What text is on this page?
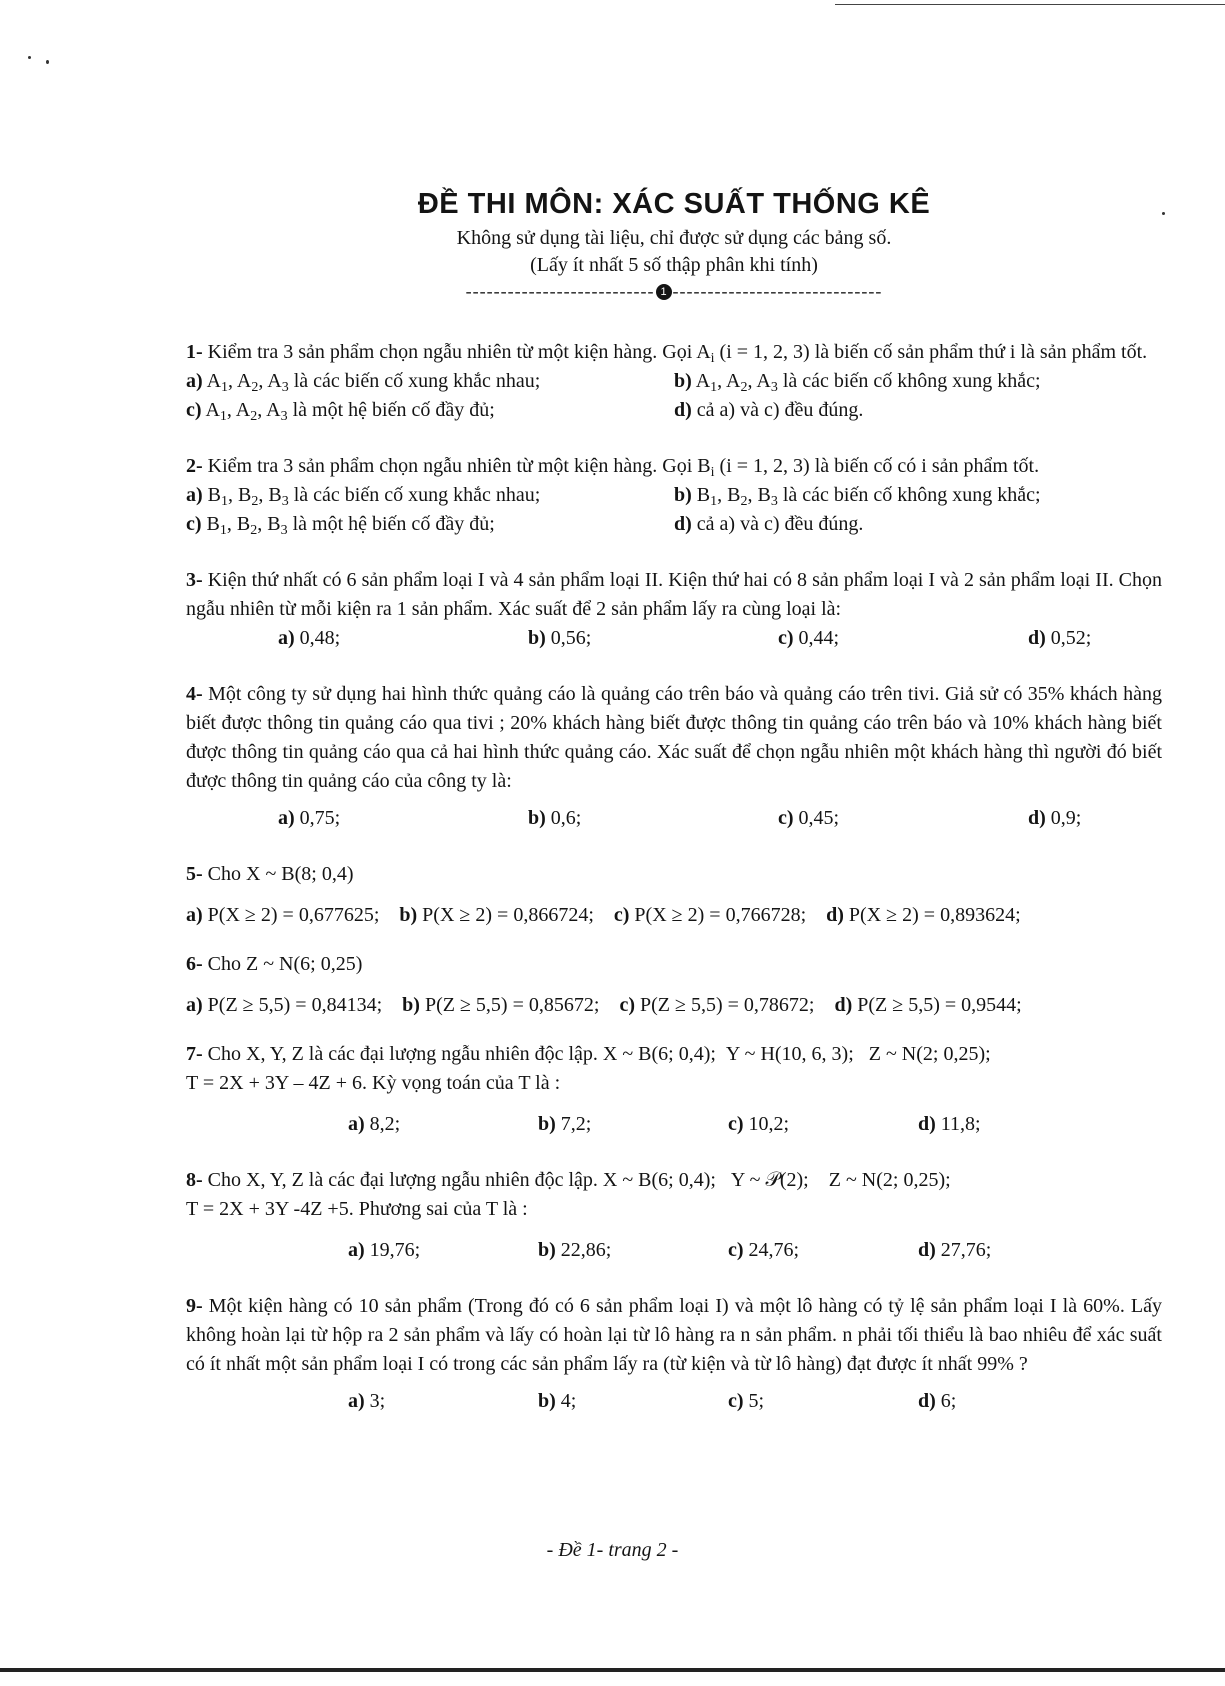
ĐỀ THI MÔN: XÁC SUẤT THỐNG KÊ
Không sử dụng tài liệu, chỉ được sử dụng các bảng số.
(Lấy ít nhất 5 số thập phân khi tính)
--------------------------- 1 ------------------------------
1- Kiểm tra 3 sản phẩm chọn ngẫu nhiên từ một kiện hàng. Gọi $A_i$ (i = 1, 2, 3) là biến cố sản phẩm thứ i là sản phẩm tốt.
a) $A_1$, $A_2$, $A_3$ là các biến cố xung khắc nhau;	b) $A_1$, $A_2$, $A_3$ là các biến cố không xung khắc;
c) $A_1$, $A_2$, $A_3$ là một hệ biến cố đầy đủ;	d) cả a) và c) đều đúng.
2- Kiểm tra 3 sản phẩm chọn ngẫu nhiên từ một kiện hàng. Gọi $B_i$ (i = 1, 2, 3) là biến cố có i sản phẩm tốt.
a) $B_1$, $B_2$, $B_3$ là các biến cố xung khắc nhau;	b) $B_1$, $B_2$, $B_3$ là các biến cố không xung khắc;
c) $B_1$, $B_2$, $B_3$ là một hệ biến cố đầy đủ;	d) cả a) và c) đều đúng.
3- Kiện thứ nhất có 6 sản phẩm loại I và 4 sản phẩm loại II. Kiện thứ hai có 8 sản phẩm loại I và 2 sản phẩm loại II. Chọn ngẫu nhiên từ mỗi kiện ra 1 sản phẩm. Xác suất để 2 sản phẩm lấy ra cùng loại là:
a) 0,48;	b) 0,56;	c) 0,44;	d) 0,52;
4- Một công ty sử dụng hai hình thức quảng cáo là quảng cáo trên báo và quảng cáo trên tivi. Giả sử có 35% khách hàng biết được thông tin quảng cáo qua tivi ; 20% khách hàng biết được thông tin quảng cáo trên báo và 10% khách hàng biết được thông tin quảng cáo qua cả hai hình thức quảng cáo. Xác suất để chọn ngẫu nhiên một khách hàng thì người đó biết được thông tin quảng cáo của công ty là:
a) 0,75;	b) 0,6;	c) 0,45;	d) 0,9;
5- Cho X ~ B(8; 0,4)
a) P(X ≥ 2) = 0,677625; b) P(X ≥ 2) = 0,866724; c) P(X ≥ 2) = 0,766728; d) P(X ≥ 2) = 0,893624;
6- Cho Z ~ N(6; 0,25)
a) P(Z ≥ 5,5) = 0,84134; b) P(Z ≥ 5,5) = 0,85672; c) P(Z ≥ 5,5) = 0,78672; d) P(Z ≥ 5,5) = 0,9544;
7- Cho X, Y, Z là các đại lượng ngẫu nhiên độc lập. X ~ B(6; 0,4);  Y ~ H(10, 6, 3);   Z ~ N(2; 0,25);
T = 2X + 3Y – 4Z + 6. Kỳ vọng toán của T là :
a) 8,2;	b) 7,2;	c) 10,2;	d) 11,8;
8- Cho X, Y, Z là các đại lượng ngẫu nhiên độc lập. X ~ B(6; 0,4);   Y ~ 𝒫(2);    Z ~ N(2; 0,25);
T = 2X + 3Y -4Z +5. Phương sai của T là :
a) 19,76;	b) 22,86;	c) 24,76;	d) 27,76;
9- Một kiện hàng có 10 sản phẩm (Trong đó có 6 sản phẩm loại I) và một lô hàng có tỷ lệ sản phẩm loại I là 60%. Lấy không hoàn lại từ hộp ra 2 sản phẩm và lấy có hoàn lại từ lô hàng ra n sản phẩm. n phải tối thiểu là bao nhiêu để xác suất có ít nhất một sản phẩm loại I có trong các sản phẩm lấy ra (từ kiện và từ lô hàng) đạt được ít nhất 99% ?
a) 3;	b) 4;	c) 5;	d) 6;
- Đề 1- trang 2 -
